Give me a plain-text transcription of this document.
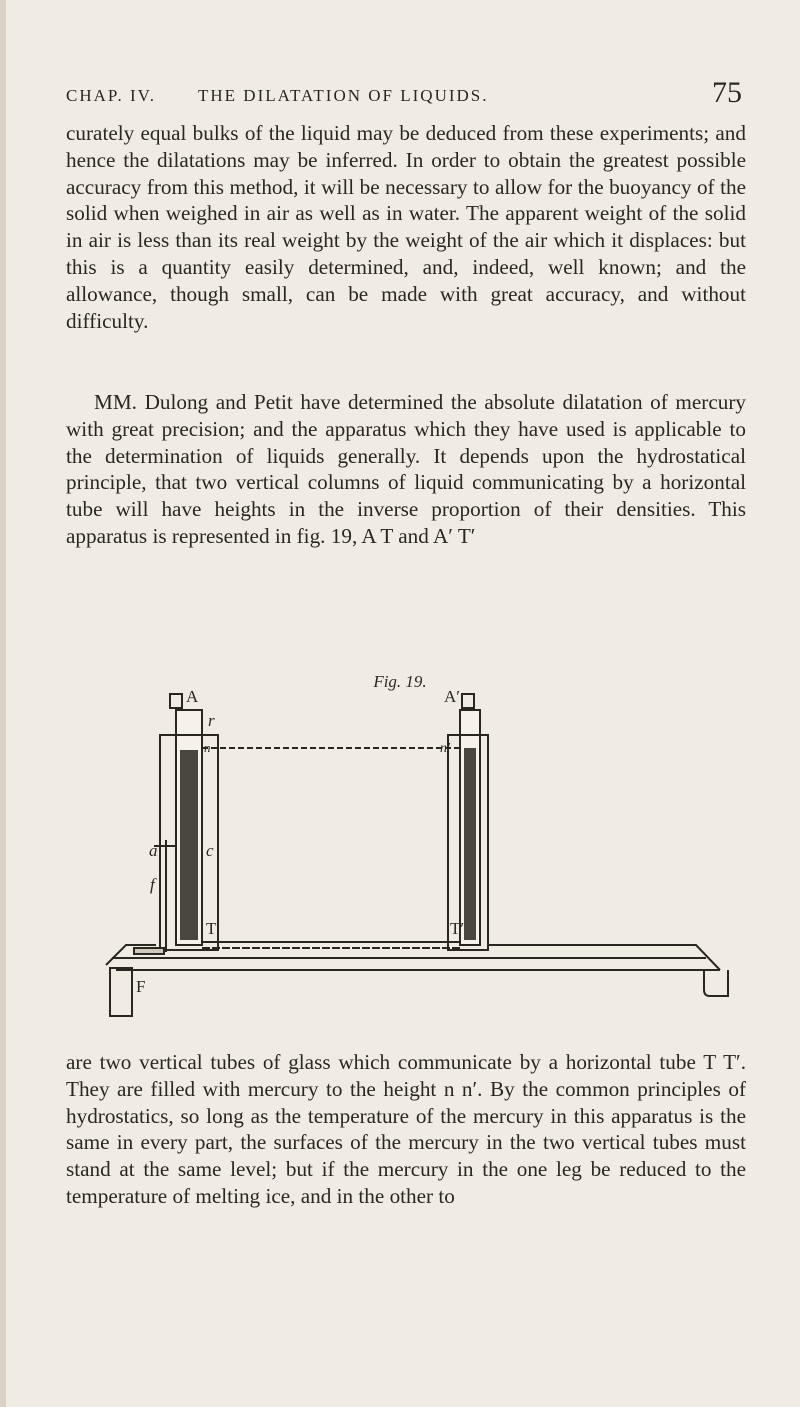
CHAP. IV. THE DILATATION OF LIQUIDS.	75

curately equal bulks of the liquid may be deduced from these experiments; and hence the dilatations may be inferred. In order to obtain the greatest possible accuracy from this method, it will be necessary to allow for the buoyancy of the solid when weighed in air as well as in water. The apparent weight of the solid in air is less than its real weight by the weight of the air which it displaces: but this is a quantity easily determined, and, indeed, well known; and the allowance, though small, can be made with great accuracy, and without difficulty.

MM. Dulong and Petit have determined the absolute dilatation of mercury with great precision; and the apparatus which they have used is applicable to the determination of liquids generally. It depends upon the hydrostatical principle, that two vertical columns of liquid communicating by a horizontal tube will have heights in the inverse proportion of their densities. This apparatus is represented in fig. 19, A T and A′ T′

Fig. 19.
A	A′
r
n	n′
a	c
f
T	T′
F

are two vertical tubes of glass which communicate by a horizontal tube T T′. They are filled with mercury to the height n n′. By the common principles of hydrostatics, so long as the temperature of the mercury in this apparatus is the same in every part, the surfaces of the mercury in the two vertical tubes must stand at the same level; but if the mercury in the one leg be reduced to the temperature of melting ice, and in the other to
